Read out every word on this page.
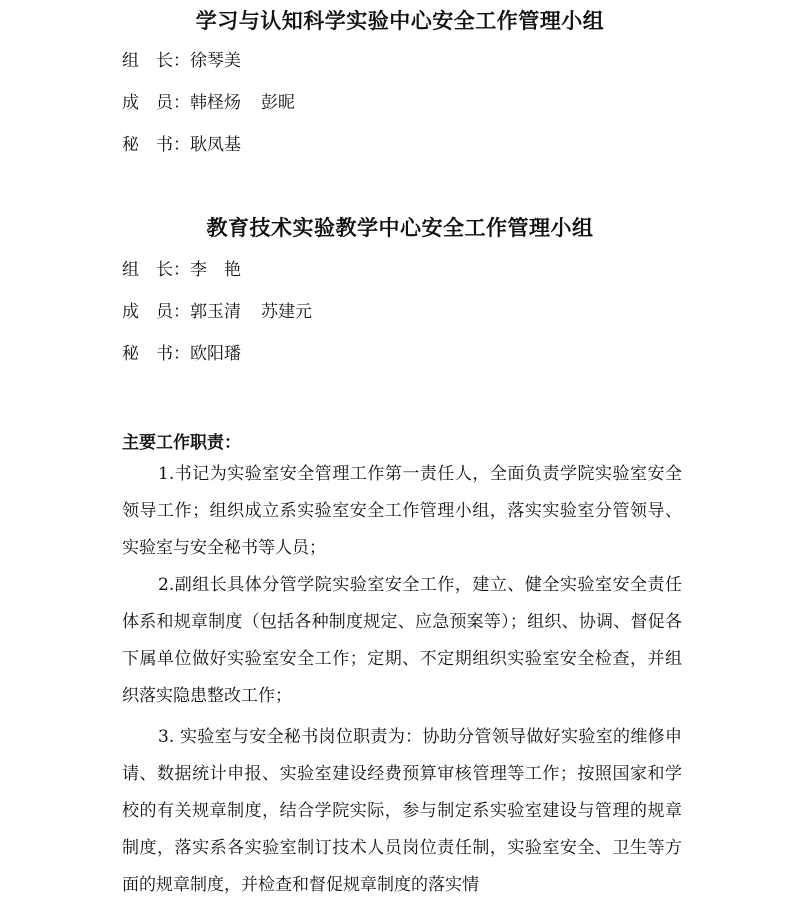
学习与认知科学实验中心安全工作管理小组
组　长：徐琴美
成　员：韩柽炀 彭昵
秘　书：耿凤基
教育技术实验教学中心安全工作管理小组
组　长：李　艳
成　员：郭玉清 苏建元
秘　书：欧阳璠
主要工作职责：

1.书记为实验室安全管理工作第一责任人，全面负责学院实验室安全领导工作；组织成立系实验室安全工作管理小组，落实实验室分管领导、实验室与安全秘书等人员；

2.副组长具体分管学院实验室安全工作，建立、健全实验室安全责任体系和规章制度（包括各种制度规定、应急预案等）；组织、协调、督促各下属单位做好实验室安全工作；定期、不定期组织实验室安全检查，并组织落实隐患整改工作；

3. 实验室与安全秘书岗位职责为：协助分管领导做好实验室的维修申请、数据统计申报、实验室建设经费预算审核管理等工作；按照国家和学校的有关规章制度，结合学院实际，参与制定系实验室建设与管理的规章制度，落实系各实验室制订技术人员岗位责任制，实验室安全、卫生等方面的规章制度，并检查和督促规章制度的落实情
